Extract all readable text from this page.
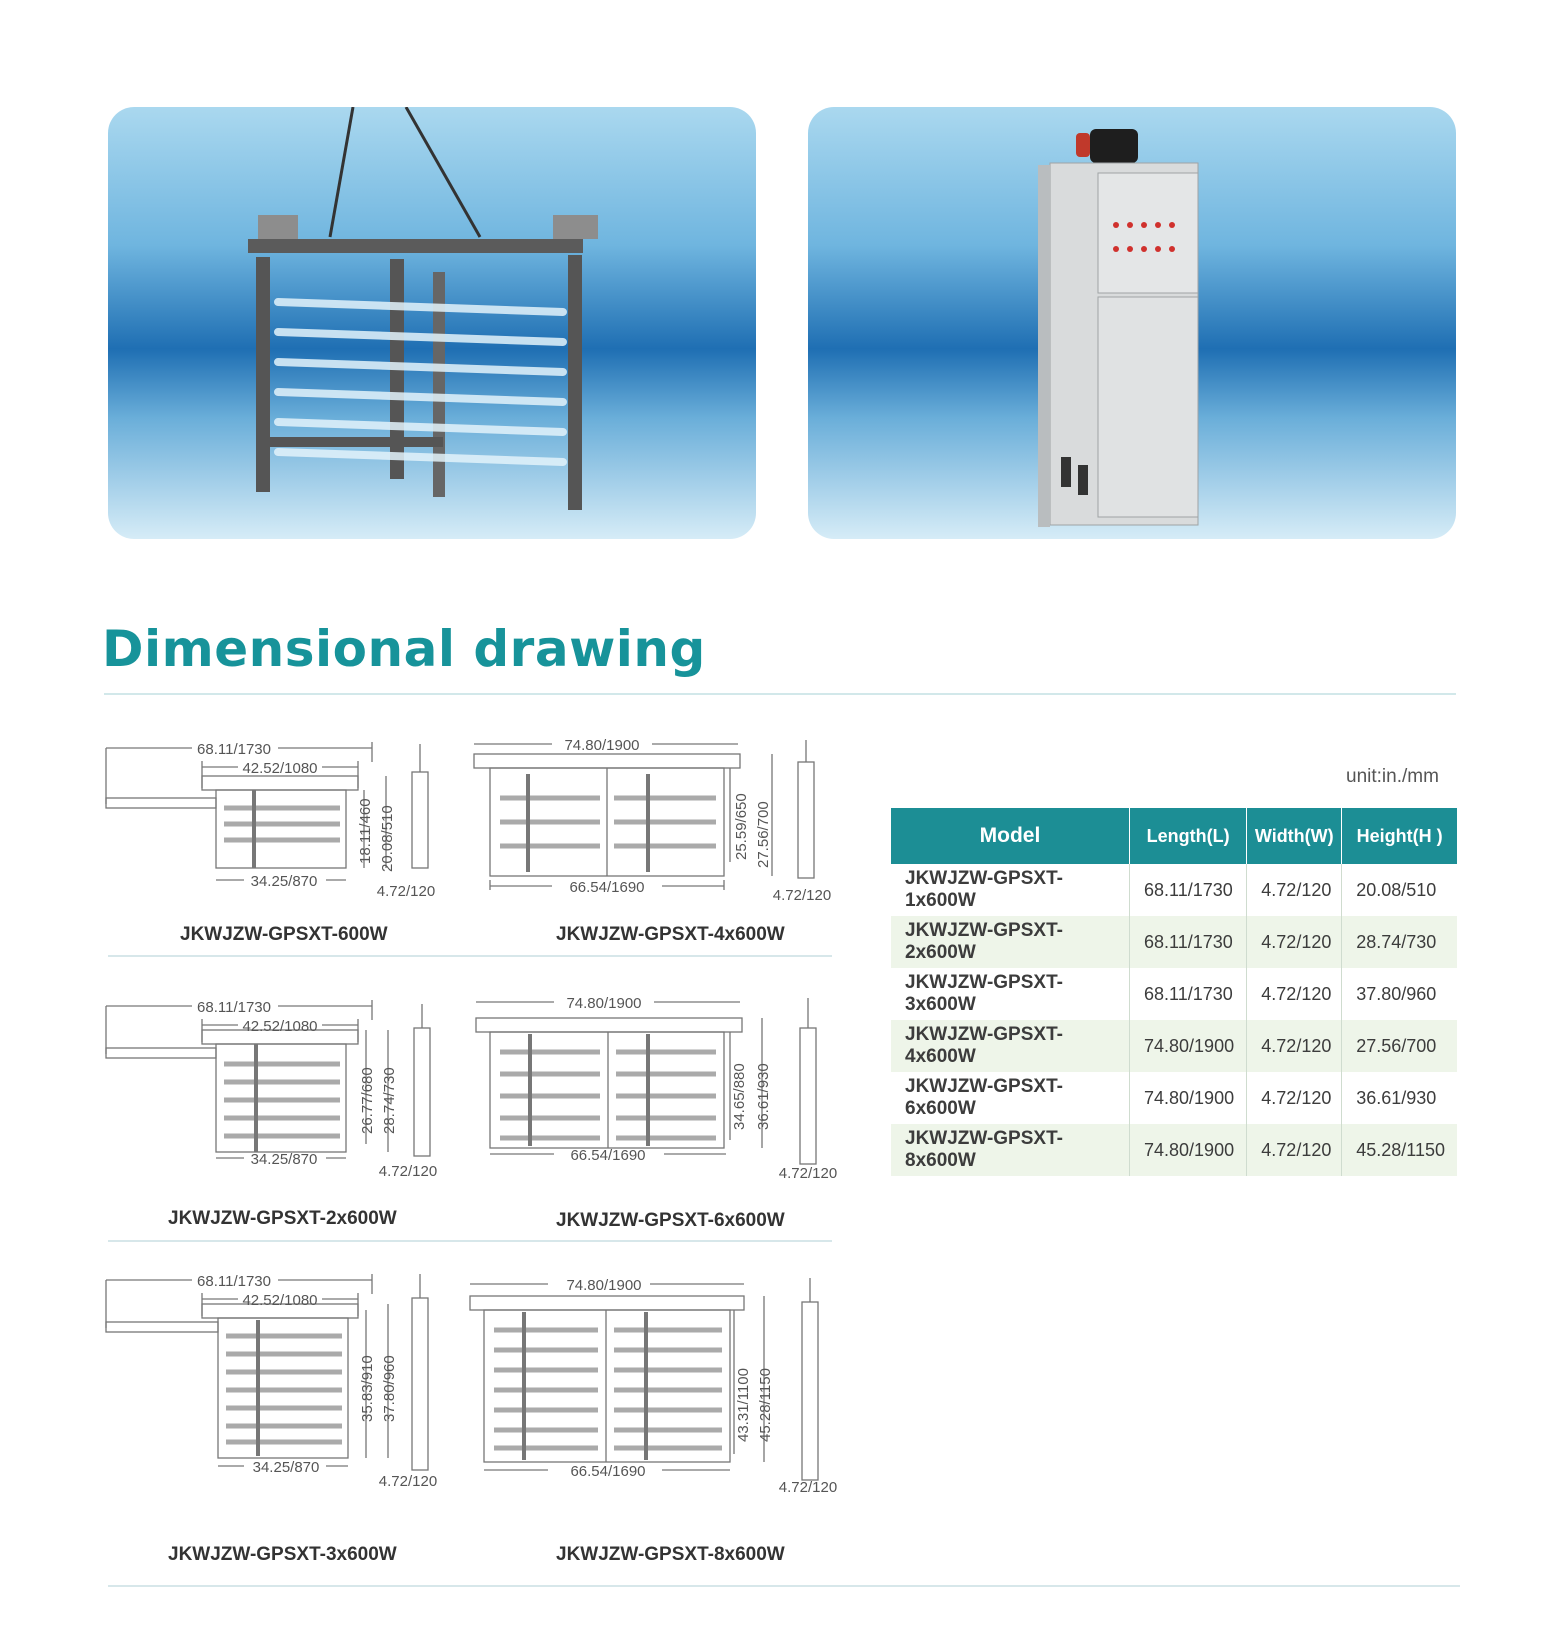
Dimensional drawing
68.11/1730
42.52/1080
34.25/870
4.72/120
18.11/460 20.08/510
JKWJZW-GPSXT-600W
74.80/1900
66.54/1690	4.72/120
25.59/650 27.56/700
JKWJZW-GPSXT-4x600W
68.11/1730
42.52/1080
34.25/870
4.72/120
26.77/680 28.74/730
JKWJZW-GPSXT-2x600W
74.80/1900
66.54/1690
4.72/120
34.65/880 36.61/930
JKWJZW-GPSXT-6x600W
68.11/1730
42.52/1080
34.25/870
4.72/120
35.83/910 37.80/960
JKWJZW-GPSXT-3x600W
74.80/1900
66.54/1690
4.72/120
43.31/1100 45.28/1150
JKWJZW-GPSXT-8x600W
unit:in./mm
Model	Length(L)	Width(W)	Height(H )
JKWJZW-GPSXT-1x600W	68.11/1730	4.72/120	20.08/510
JKWJZW-GPSXT-2x600W	68.11/1730	4.72/120	28.74/730
JKWJZW-GPSXT-3x600W	68.11/1730	4.72/120	37.80/960
JKWJZW-GPSXT-4x600W	74.80/1900	4.72/120	27.56/700
JKWJZW-GPSXT-6x600W	74.80/1900	4.72/120	36.61/930
JKWJZW-GPSXT-8x600W	74.80/1900	4.72/120	45.28/1150
